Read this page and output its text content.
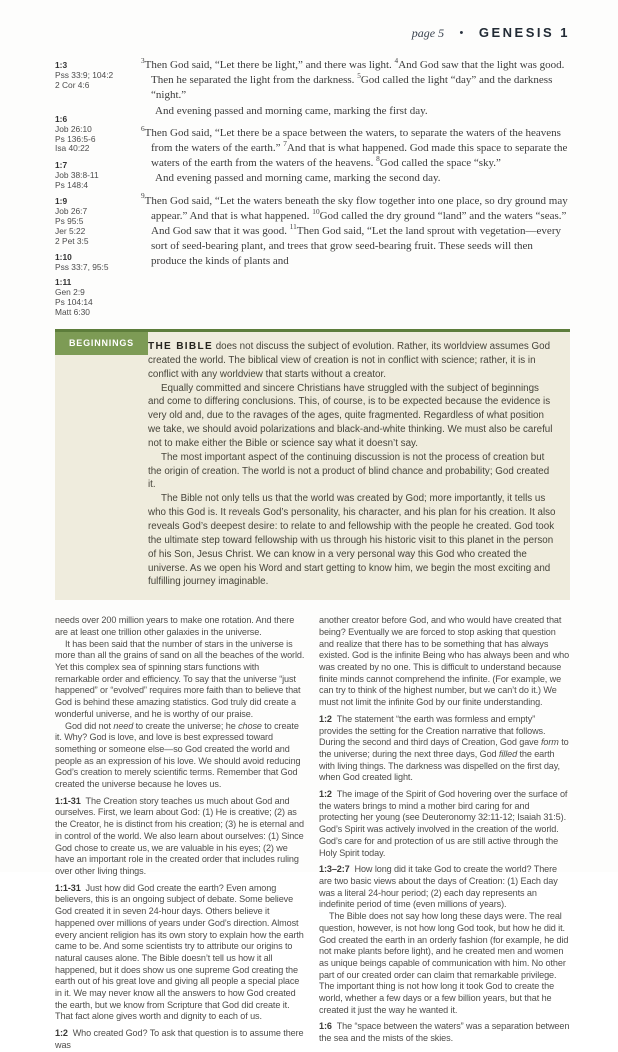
page 5 • GENESIS 1
1:3
Pss 33:9; 104:2
2 Cor 4:6
1:6
Job 26:10
Ps 136:5-6
Isa 40:22
1:7
Job 38:8-11
Ps 148:4
1:9
Job 26:7
Ps 95:5
Jer 5:22
2 Pet 3:5
1:10
Pss 33:7, 95:5
1:11
Gen 2:9
Ps 104:14
Matt 6:30
$^3$Then God said, “Let there be light,” and there was light. $^4$And God saw that the light was good. Then he separated the light from the darkness. $^5$God called the light “day” and the darkness “night.”
And evening passed and morning came, marking the first day.
$^6$Then God said, “Let there be a space between the waters, to separate the waters of the heavens from the waters of the earth.” $^7$And that is what happened. God made this space to separate the waters of the earth from the waters of the heavens. $^8$God called the space “sky.”
And evening passed and morning came, marking the second day.
$^9$Then God said, “Let the waters beneath the sky flow together into one place, so dry ground may appear.” And that is what happened. $^{10}$God called the dry ground “land” and the waters “seas.” And God saw that it was good. $^{11}$Then God said, “Let the land sprout with vegetation—every sort of seed-bearing plant, and trees that grow seed-bearing fruit. These seeds will then produce the kinds of plants and
BEGINNINGS	THE BIBLE does not discuss the subject of evolution. Rather, its worldview assumes God created the world. The biblical view of creation is not in conflict with science; rather, it is in conflict with any worldview that starts without a creator.

Equally committed and sincere Christians have struggled with the subject of beginnings and come to differing conclusions. This, of course, is to be expected because the evidence is very old and, due to the ravages of the ages, quite fragmented. Regardless of what position we take, we should avoid polarizations and black-and-white thinking. We must also be careful not to make either the Bible or science say what it doesn’t say.

The most important aspect of the continuing discussion is not the process of creation but the origin of creation. The world is not a product of blind chance and probability; God created it.

The Bible not only tells us that the world was created by God; more importantly, it tells us who this God is. It reveals God’s personality, his character, and his plan for his creation. It also reveals God’s deepest desire: to relate to and fellowship with the people he created. God took the ultimate step toward fellowship with us through his historic visit to this planet in the person of his Son, Jesus Christ. We can know in a very personal way this God who created the universe. As we open his Word and start getting to know him, we begin the most exciting and fulfilling journey imaginable.

needs over 200 million years to make one rotation. And there are at least one trillion other galaxies in the universe.

It has been said that the number of stars in the universe is more than all the grains of sand on all the beaches of the world. Yet this complex sea of spinning stars functions with remarkable order and efficiency. To say that the universe “just happened” or “evolved” requires more faith than to believe that God is behind these amazing statistics. God truly did create a wonderful universe, and he is worthy of our praise.

God did not need to create the universe; he chose to create it. Why? God is love, and love is best expressed toward something or someone else—so God created the world and people as an expression of his love. We should avoid reducing God’s creation to merely scientific terms. Remember that God created the universe because he loves us.

1:1-31  The Creation story teaches us much about God and ourselves. First, we learn about God: (1) He is creative; (2) as the Creator, he is distinct from his creation; (3) he is eternal and in control of the world. We also learn about ourselves: (1) Since God chose to create us, we are valuable in his eyes; (2) we have an important role in the created order that includes ruling over other living things.

1:1-31  Just how did God create the earth? Even among believers, this is an ongoing subject of debate. Some believe God created it in seven 24-hour days. Others believe it happened over millions of years under God’s direction. Almost every ancient religion has its own story to explain how the earth came to be. And some scientists try to attribute our origins to natural causes alone. The Bible doesn’t tell us how it all happened, but it does show us one supreme God creating the earth out of his great love and giving all people a special place in it. We may never know all the answers to how God created the earth, but we know from Scripture that God did create it. That fact alone gives worth and dignity to each of us.

1:2  Who created God? To ask that question is to assume there was

another creator before God, and who would have created that being? Eventually we are forced to stop asking that question and realize that there has to be something that has always existed. God is the infinite Being who has always been and who was created by no one. This is difficult to understand because finite minds cannot comprehend the infinite. (For example, we can try to think of the highest number, but we can’t do it.) We must not limit the infinite God by our finite understanding.

1:2  The statement “the earth was formless and empty” provides the setting for the Creation narrative that follows. During the second and third days of Creation, God gave form to the universe; during the next three days, God filled the earth with living things. The darkness was dispelled on the first day, when God created light.

1:2  The image of the Spirit of God hovering over the surface of the waters brings to mind a mother bird caring for and protecting her young (see Deuteronomy 32:11-12; Isaiah 31:5). God’s Spirit was actively involved in the creation of the world. God’s care for and protection of us are still active through the Holy Spirit today.

1:3–2:7  How long did it take God to create the world? There are two basic views about the days of Creation: (1) Each day was a literal 24-hour period; (2) each day represents an indefinite period of time (even millions of years).

The Bible does not say how long these days were. The real question, however, is not how long God took, but how he did it. God created the earth in an orderly fashion (for example, he did not make plants before light), and he created men and women as unique beings capable of communication with him. No other part of our created order can claim that remarkable privilege. The important thing is not how long it took God to create the world, whether a few days or a few billion years, but that he created it just the way he wanted it.

1:6  The “space between the waters” was a separation between the sea and the mists of the skies.
